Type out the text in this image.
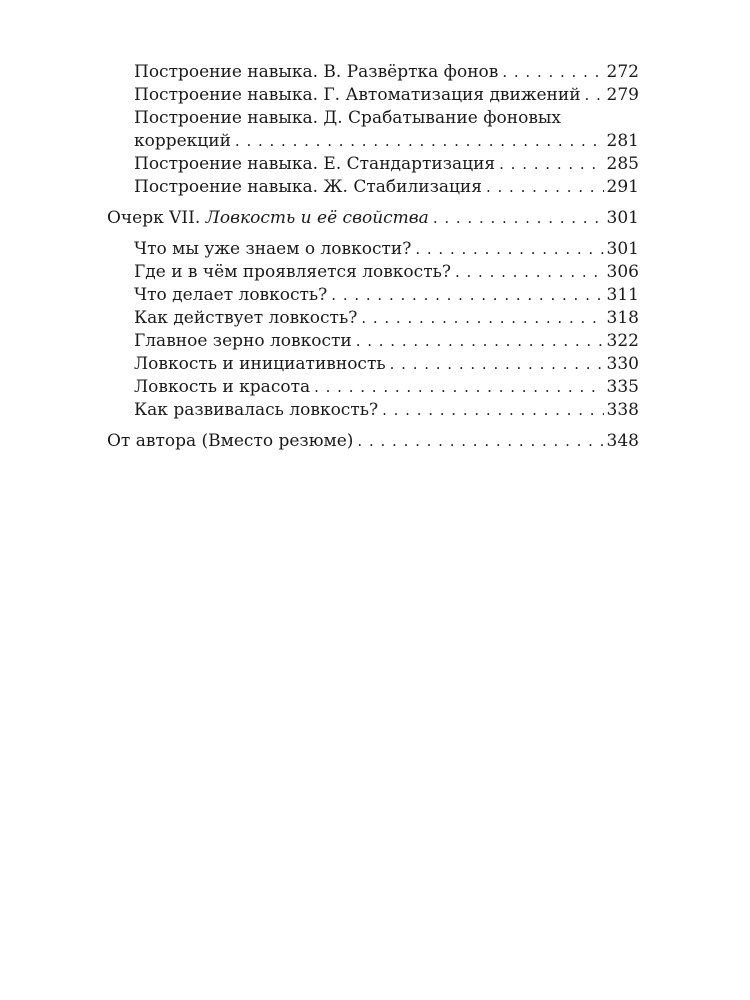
Построение навыка. В. Развёртка фонов . . .	272
Построение навыка. Г. Автоматизация движений . . . 279
Построение навыка. Д. Срабатывание фоновых
коррекций . . .	281
Построение навыка. Е. Стандартизация . . .	285
Построение навыка. Ж. Стабилизация . . .	291
Очерк VII. Ловкость и её свойства . . .	301
Что мы уже знаем о ловкости? . . .	301
Где и в чём проявляется ловкость? . . .	306
Что делает ловкость? . . .	311
Как действует ловкость? . . .	318
Главное зерно ловкости . . .	322
Ловкость и инициативность . . .	330
Ловкость и красота . . .	335
Как развивалась ловкость? . . .	338
От автора (Вместо резюме) . . .	348
